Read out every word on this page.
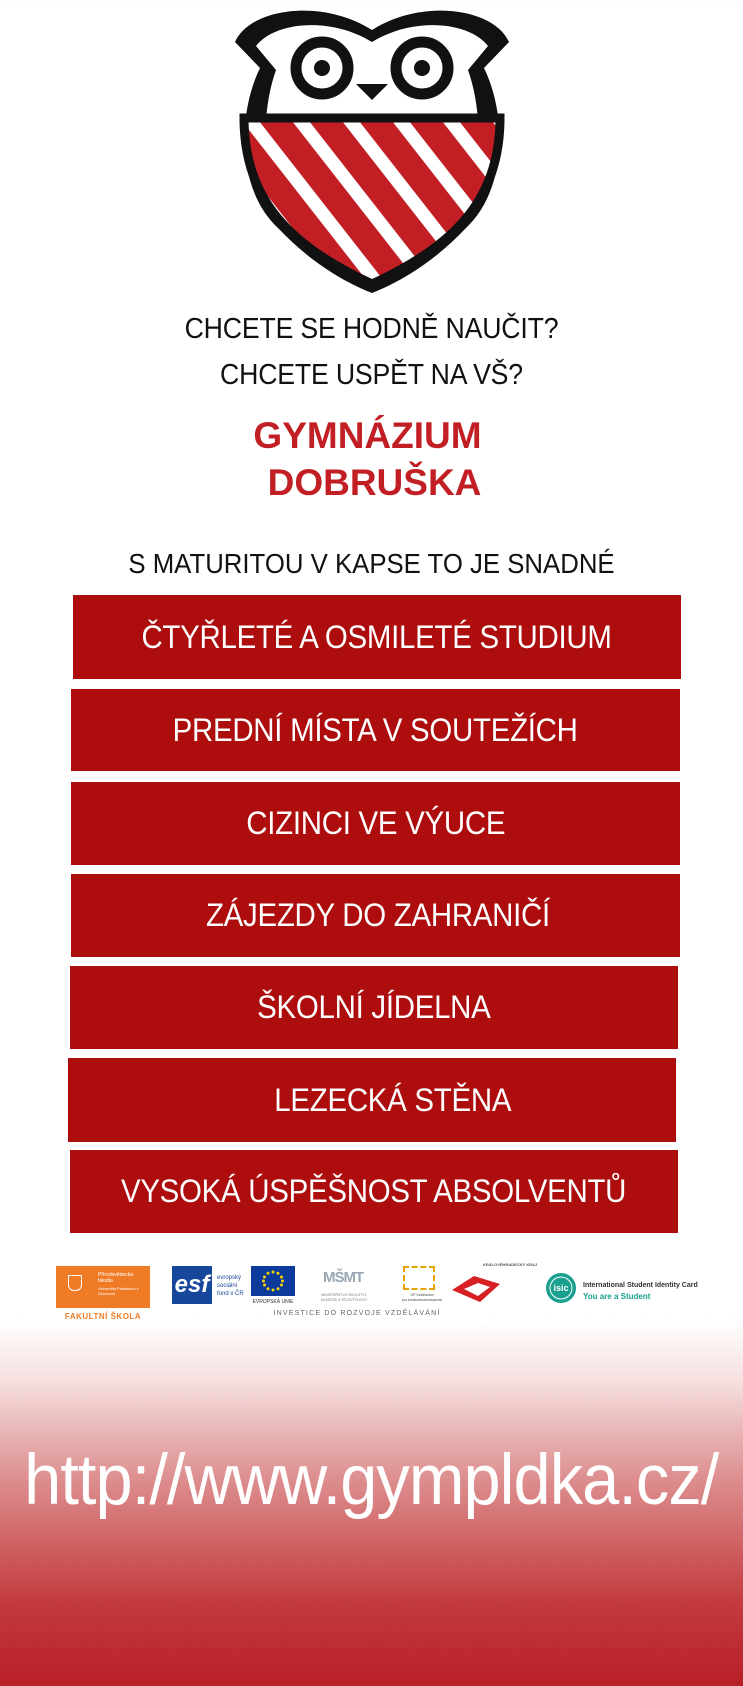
CHCETE SE HODNĚ NAUČIT?
CHCETE USPĚT NA VŠ?
GYMNÁZIUM
DOBRUŠKA
S MATURITOU V KAPSE TO JE SNADNÉ
ČTYŘLETÉ A OSMILETÉ STUDIUM
PREDNÍ MÍSTA V SOUTEŽÍCH
CIZINCI VE VÝUCE
ZÁJEZDY DO ZAHRANIČÍ
ŠKOLNÍ JÍDELNA
LEZECKÁ STĚNA
VYSOKÁ ÚSPĚŠNOST ABSOLVENTŮ
Přírodovědecká fakulta
Univerzita Palackého v Olomouci
FAKULTNÍ ŠKOLA
esf	evropský
sociální
fond v ČR
EVROPSKÁ UNIE
MŠMT
MINISTERSTVO ŠKOLSTVÍ,
MLÁDEŽE A TĚLOVÝCHOVY
OP Vzdělávání
pro konkurenceschopnost
INVESTICE DO ROZVOJE VZDĚLÁVÁNÍ
KRÁLOVÉHRADECKÝ KRAJ
isic	International Student Identity Card
You are a Student
http://www.gympldka.cz/
